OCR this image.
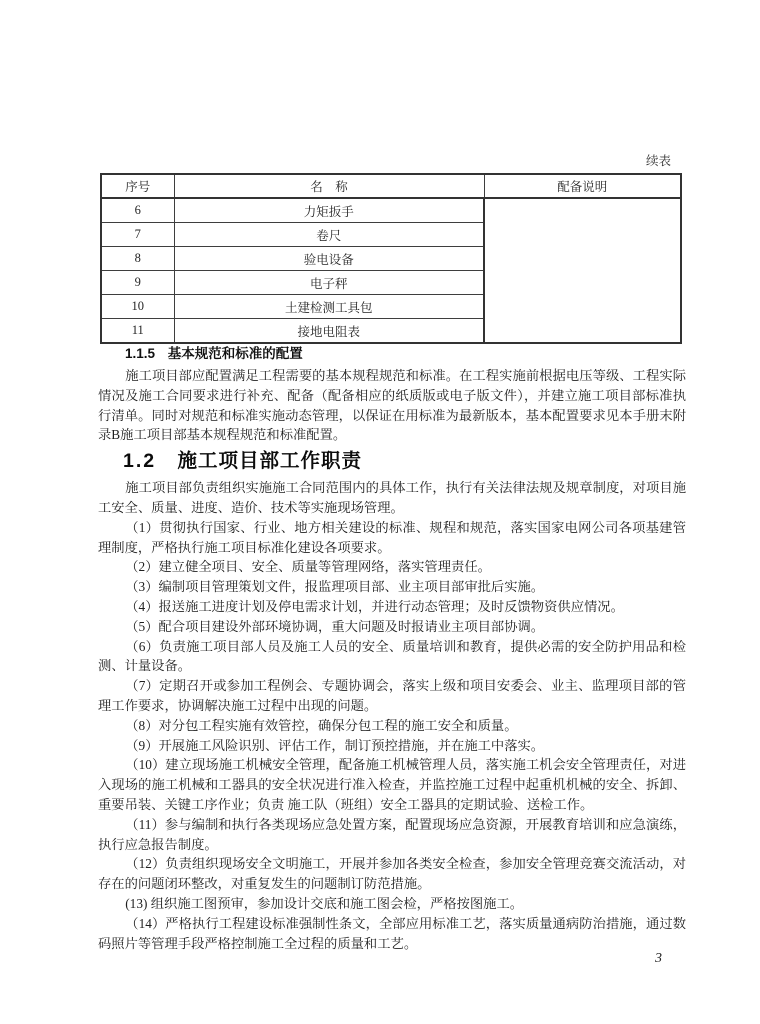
续表
序号	名　称	配备说明
6	力矩扳手	
7	卷尺	
8	验电设备	
9	电子秤	
10	土建检测工具包	
11	接地电阻表	
1.1.5 基本规范和标准的配置

施工项目部应配置满足工程需要的基本规程规范和标准。在工程实施前根据电压等级、工程实际情况及施工合同要求进行补充、配备（配备相应的纸质版或电子版文件），并建立施工项目部标准执行清单。同时对规范和标准实施动态管理，以保证在用标准为最新版本，基本配置要求见本手册末附录B施工项目部基本规程规范和标准配置。

1.2 施工项目部工作职责

施工项目部负责组织实施施工合同范围内的具体工作，执行有关法律法规及规章制度，对项目施工安全、质量、进度、造价、技术等实施现场管理。

（1）贯彻执行国家、行业、地方相关建设的标准、规程和规范，落实国家电网公司各项基建管理制度，严格执行施工项目标准化建设各项要求。

（2）建立健全项目、安全、质量等管理网络，落实管理责任。

（3）编制项目管理策划文件，报监理项目部、业主项目部审批后实施。

（4）报送施工进度计划及停电需求计划，并进行动态管理；及时反馈物资供应情况。

（5）配合项目建设外部环境协调，重大问题及时报请业主项目部协调。

（6）负责施工项目部人员及施工人员的安全、质量培训和教育，提供必需的安全防护用品和检测、计量设备。

（7）定期召开或参加工程例会、专题协调会，落实上级和项目安委会、业主、监理项目部的管理工作要求，协调解决施工过程中出现的问题。

（8）对分包工程实施有效管控，确保分包工程的施工安全和质量。

（9）开展施工风险识别、评估工作，制订预控措施，并在施工中落实。

（10）建立现场施工机械安全管理，配备施工机械管理人员，落实施工机会安全管理责任，对进入现场的施工机械和工器具的安全状况进行准入检查，并监控施工过程中起重机机械的安全、拆卸、重要吊装、关键工序作业；负责 施工队（班组）安全工器具的定期试验、送检工作。

（11）参与编制和执行各类现场应急处置方案，配置现场应急资源，开展教育培训和应急演练，执行应急报告制度。

（12）负责组织现场安全文明施工，开展并参加各类安全检查，参加安全管理竞赛交流活动，对存在的问题闭环整改，对重复发生的问题制订防范措施。

(13) 组织施工图预审，参加设计交底和施工图会检，严格按图施工。

（14）严格执行工程建设标准强制性条文，全部应用标准工艺，落实质量通病防治措施，通过数码照片等管理手段严格控制施工全过程的质量和工艺。

3
